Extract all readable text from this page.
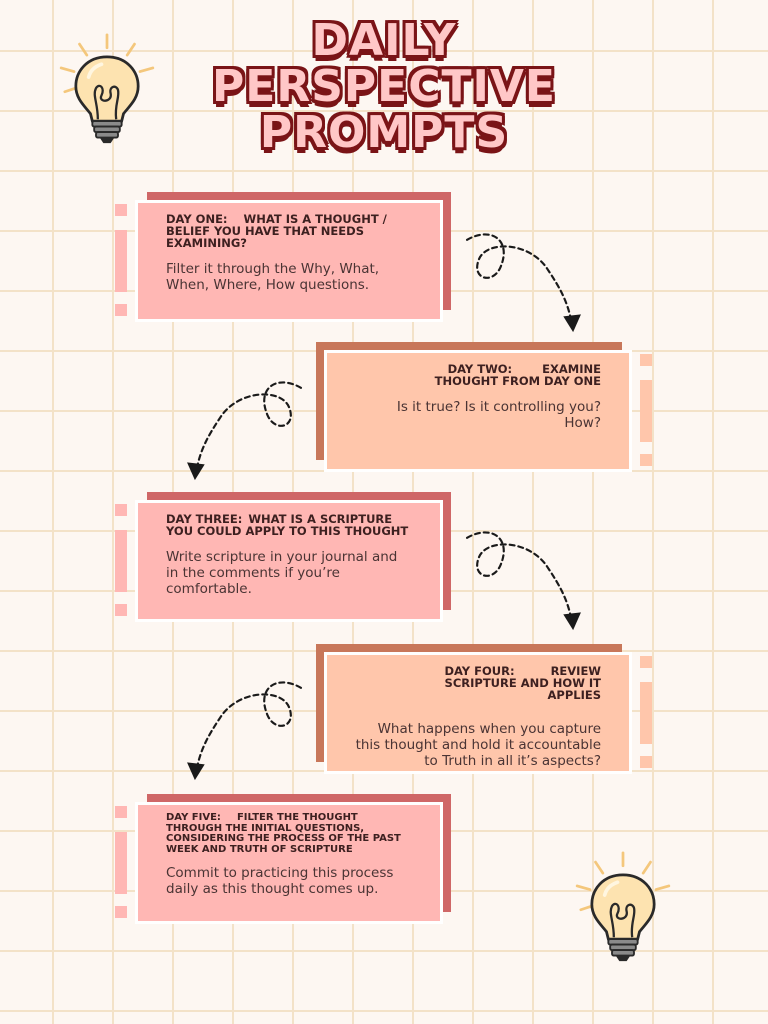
DAILY
PERSPECTIVE
PROMPTS

DAY ONE: WHAT IS A THOUGHT / BELIEF YOU HAVE THAT NEEDS EXAMINING?

Filter it through the Why, What, When, Where, How questions.

DAY TWO:	EXAMINE THOUGHT FROM DAY ONE

Is it true? Is it controlling you? How?

DAY THREE: WHAT IS A SCRIPTURE YOU COULD APPLY TO THIS THOUGHT

Write scripture in your journal and in the comments if you’re comfortable.

DAY FOUR:	REVIEW SCRIPTURE AND HOW IT APPLIES

What happens when you capture this thought and hold it accountable to Truth in all it’s aspects?

DAY FIVE: FILTER THE THOUGHT THROUGH THE INITIAL QUESTIONS, CONSIDERING THE PROCESS OF THE PAST WEEK AND TRUTH OF SCRIPTURE

Commit to practicing this process daily as this thought comes up.
